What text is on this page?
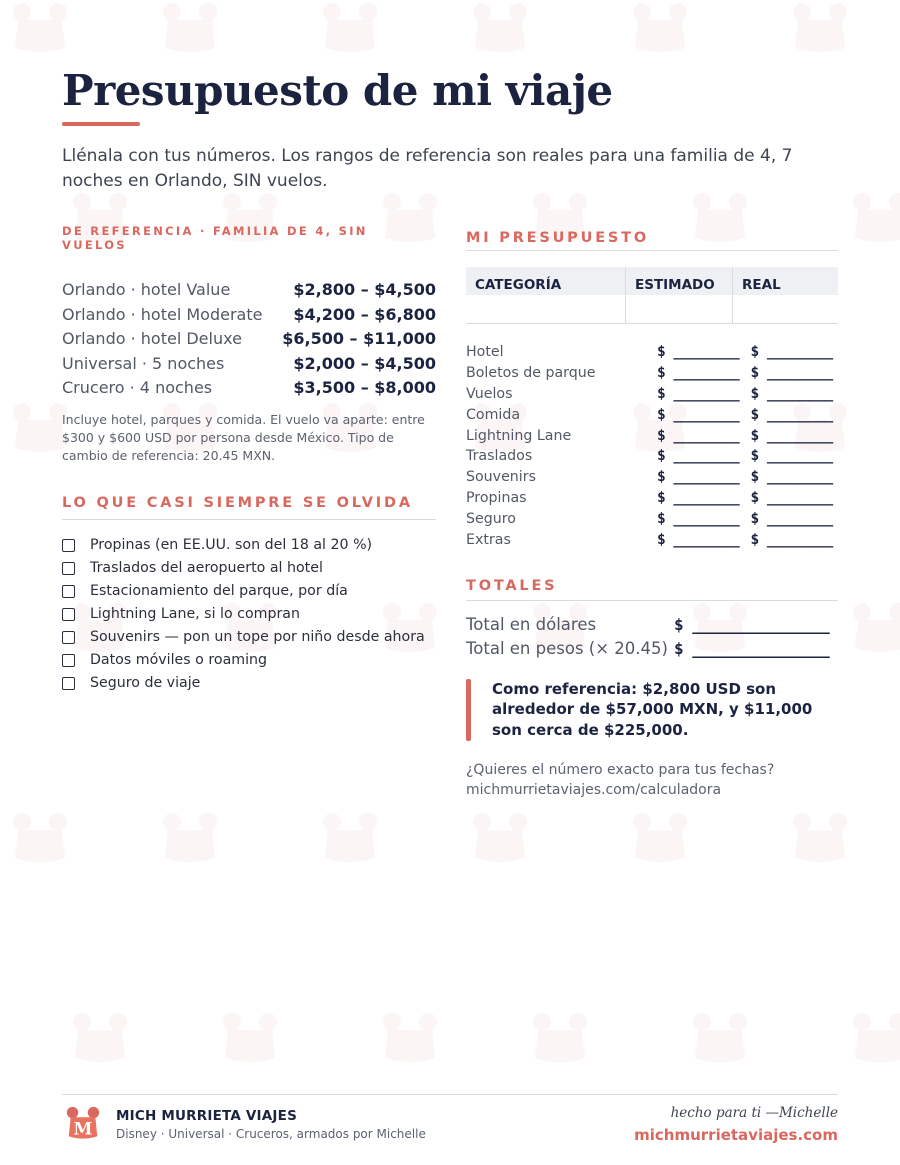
Presupuesto de mi viaje

Llénala con tus números. Los rangos de referencia son reales para una familia de 4, 7 noches en Orlando, SIN vuelos.

DE REFERENCIA · FAMILIA DE 4, SIN VUELOS
Orlando · hotel Value	$2,800 – $4,500
Orlando · hotel Moderate $4,200 – $6,800
Orlando · hotel Deluxe	$6,500 – $11,000
Universal · 5 noches	$2,000 – $4,500
Crucero · 4 noches	$3,500 – $8,000
Incluye hotel, parques y comida. El vuelo va aparte: entre $300 y $600 USD por persona desde México. Tipo de cambio de referencia: 20.45 MXN.
LO QUE CASI SIEMPRE SE OLVIDA
Propinas (en EE.UU. son del 18 al 20 %)
Traslados del aeropuerto al hotel
Estacionamiento del parque, por día
Lightning Lane, si lo compran
Souvenirs — pon un tope por niño desde ahora
Datos móviles o roaming
Seguro de viaje
MI PRESUPUESTO
CATEGORÍA	ESTIMADO	REAL
Hotel	$ ________ $ ________
Boletos de parque	$ ________ $ ________
Vuelos	$ ________ $ ________
Comida	$ ________ $ ________
Lightning Lane	$ ________ $ ________
Traslados	$ ________ $ ________
Souvenirs	$ ________ $ ________
Propinas	$ ________ $ ________
Seguro	$ ________ $ ________
Extras	$ ________ $ ________
TOTALES
Total en dólares	$ _______________
Total en pesos (× 20.45) $ _______________
Como referencia: $2,800 USD son alrededor de $57,000 MXN, y $11,000 son cerca de $225,000.
¿Quieres el número exacto para tus fechas?
michmurrietaviajes.com/calculadora
M
MICH MURRIETA VIAJES
Disney · Universal · Cruceros, armados por Michelle
hecho para ti —Michelle
michmurrietaviajes.com
